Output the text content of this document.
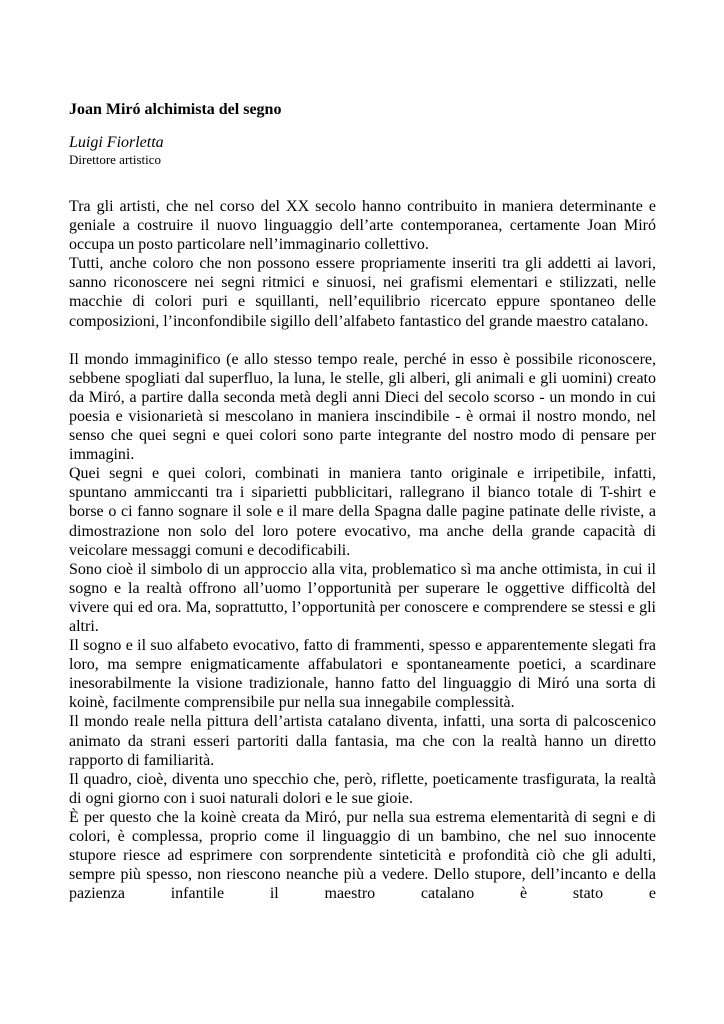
Joan Miró alchimista del segno

Luigi Fiorletta

Direttore artistico

Tra gli artisti, che nel corso del XX secolo hanno contribuito in maniera determinante e geniale a costruire il nuovo linguaggio dell’arte contemporanea, certamente Joan Miró occupa un posto particolare nell’immaginario collettivo.

Tutti, anche coloro che non possono essere propriamente inseriti tra gli addetti ai lavori, sanno riconoscere nei segni ritmici e sinuosi, nei grafismi elementari e stilizzati, nelle macchie di colori puri e squillanti, nell’equilibrio ricercato eppure spontaneo delle composizioni, l’inconfondibile sigillo dell’alfabeto fantastico del grande maestro catalano.

Il mondo immaginifico (e allo stesso tempo reale, perché in esso è possibile riconoscere, sebbene spogliati dal superfluo, la luna, le stelle, gli alberi, gli animali e gli uomini) creato da Miró, a partire dalla seconda metà degli anni Dieci del secolo scorso - un mondo in cui poesia e visionarietà si mescolano in maniera inscindibile - è ormai il nostro mondo, nel senso che quei segni e quei colori sono parte integrante del nostro modo di pensare per immagini.

Quei segni e quei colori, combinati in maniera tanto originale e irripetibile, infatti, spuntano ammiccanti tra i siparietti pubblicitari, rallegrano il bianco totale di T-shirt e borse o ci fanno sognare il sole e il mare della Spagna dalle pagine patinate delle riviste, a dimostrazione non solo del loro potere evocativo, ma anche della grande capacità di veicolare messaggi comuni e decodificabili.

Sono cioè il simbolo di un approccio alla vita, problematico sì ma anche ottimista, in cui il sogno e la realtà offrono all’uomo l’opportunità per superare le oggettive difficoltà del vivere qui ed ora. Ma, soprattutto, l’opportunità per conoscere e comprendere se stessi e gli altri.

Il sogno e il suo alfabeto evocativo, fatto di frammenti, spesso e apparentemente slegati fra loro, ma sempre enigmaticamente affabulatori e spontaneamente poetici, a scardinare inesorabilmente la visione tradizionale, hanno fatto del linguaggio di Miró una sorta di koinè, facilmente comprensibile pur nella sua innegabile complessità.

Il mondo reale nella pittura dell’artista catalano diventa, infatti, una sorta di palcoscenico animato da strani esseri partoriti dalla fantasia, ma che con la realtà hanno un diretto rapporto di familiarità.

Il quadro, cioè, diventa uno specchio che, però, riflette, poeticamente trasfigurata, la realtà di ogni giorno con i suoi naturali dolori e le sue gioie.

È per questo che la koinè creata da Miró, pur nella sua estrema elementarità di segni e di colori, è complessa, proprio come il linguaggio di un bambino, che nel suo innocente stupore riesce ad esprimere con sorprendente sinteticità e profondità ciò che gli adulti, sempre più spesso, non riescono neanche più a vedere. Dello stupore, dell’incanto e della pazienza infantile il maestro catalano è stato e
